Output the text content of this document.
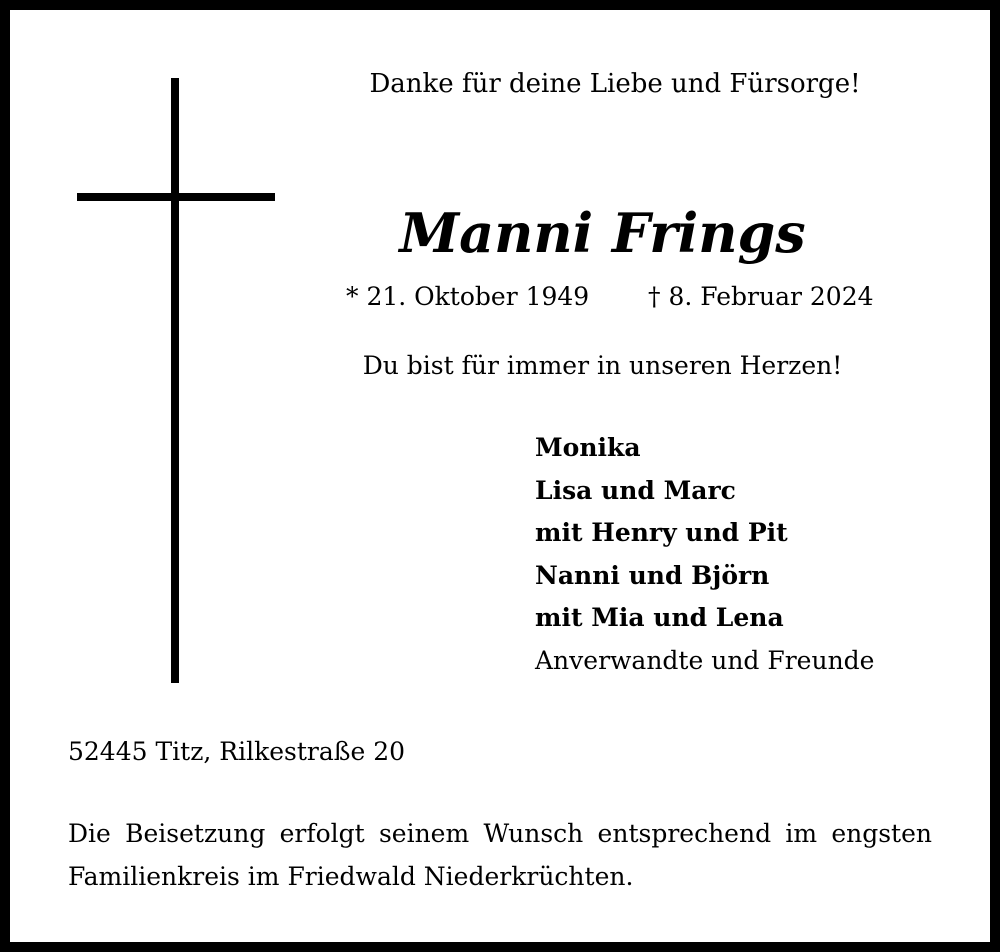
Danke für deine Liebe und Fürsorge!
Manni Frings
* 21. Oktober 1949 † 8. Februar 2024
Du bist für immer in unseren Herzen!
Monika
Lisa und Marc
mit Henry und Pit
Nanni und Björn
mit Mia und Lena
Anverwandte und Freunde
52445 Titz, Rilkestraße 20
Die Beisetzung erfolgt seinem Wunsch entsprechend im engsten Familienkreis im Friedwald Niederkrüchten.
